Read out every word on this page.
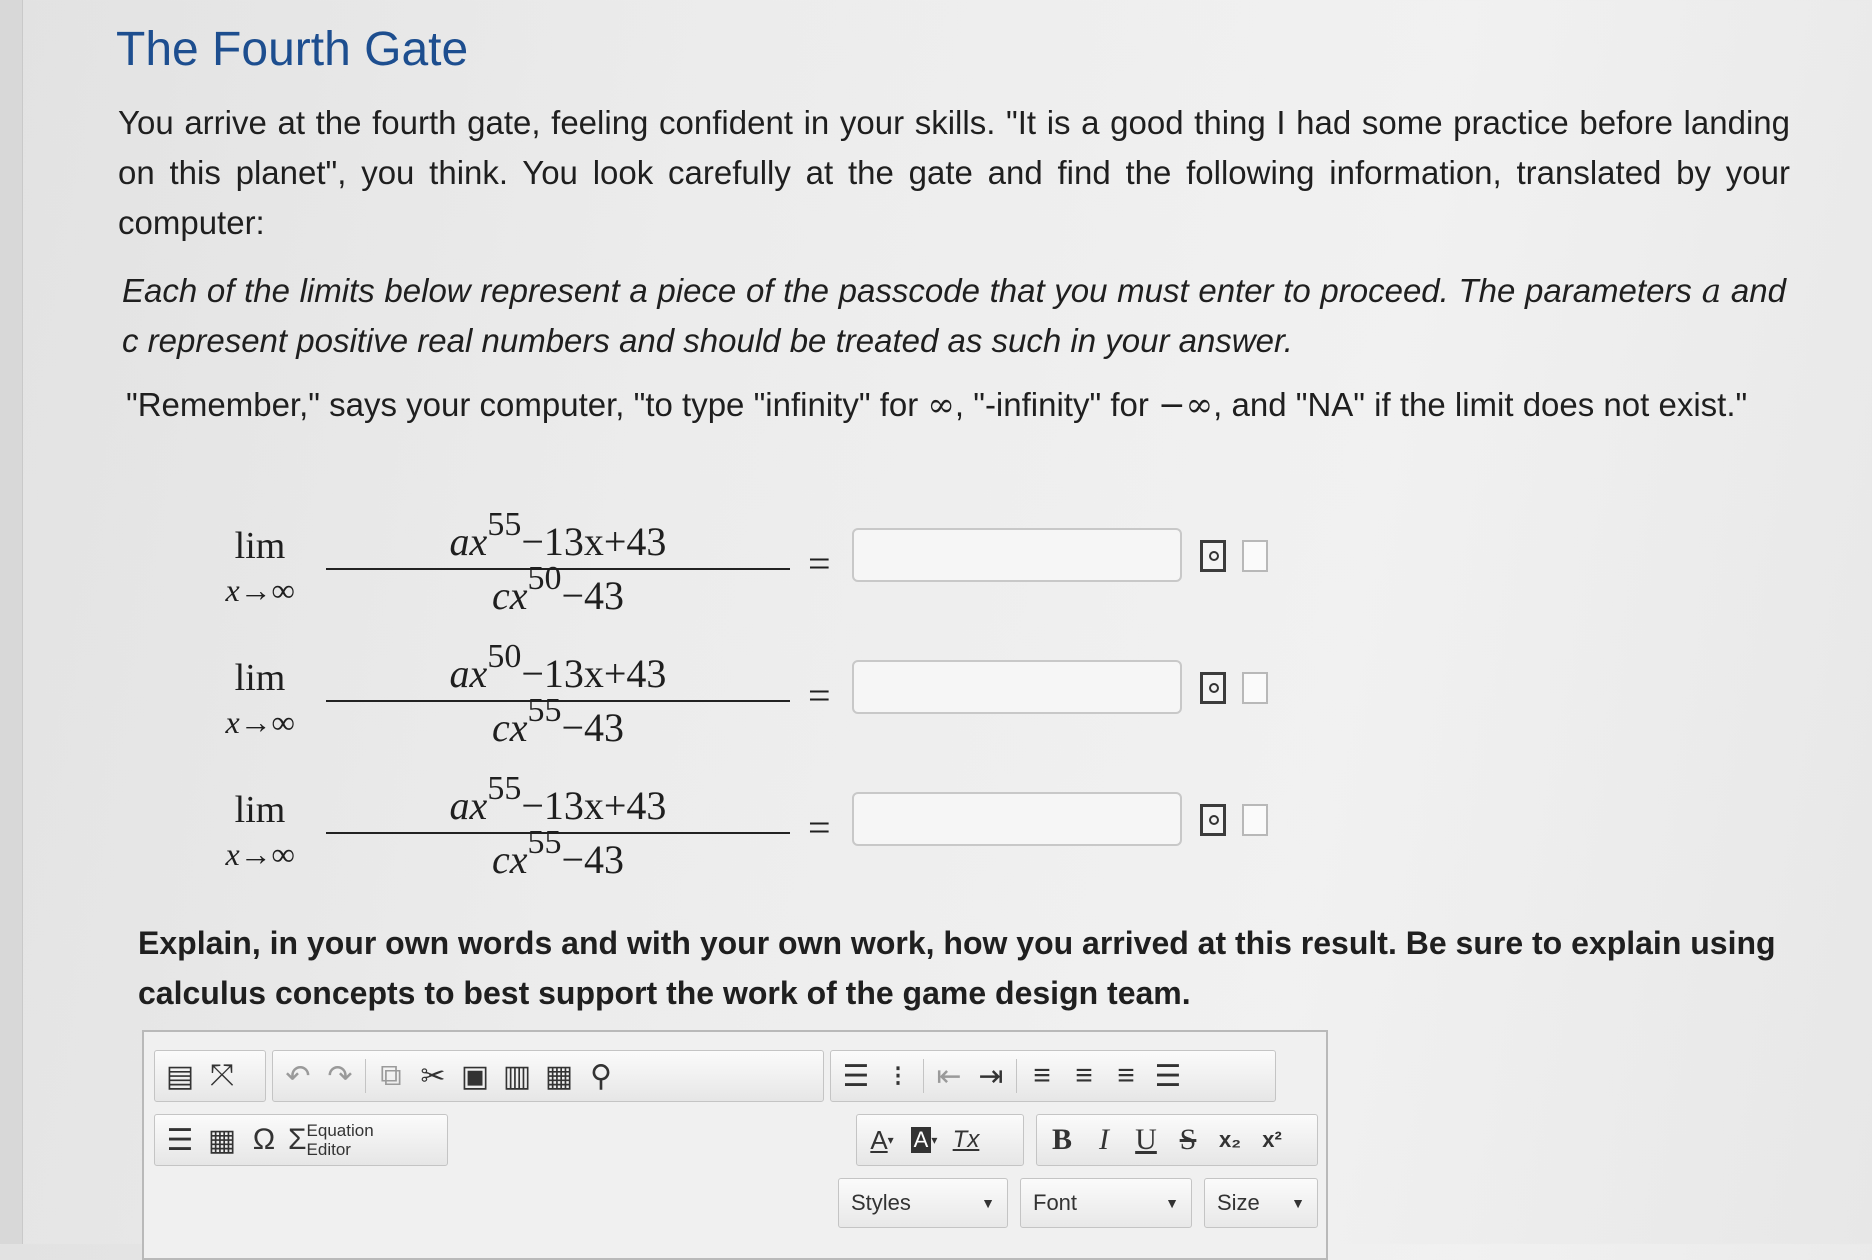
The Fourth Gate

You arrive at the fourth gate, feeling confident in your skills. "It is a good thing I had some practice before landing on this planet", you think. You look carefully at the gate and find the following information, translated by your computer:

Each of the limits below represent a piece of the passcode that you must enter to proceed. The parameters a and c represent positive real numbers and should be treated as such in your answer.

"Remember," says your computer, "to type "infinity" for ∞, "-infinity" for −∞, and "NA" if the limit does not exist."

lim
x→∞
$ax^{55}-13x+43$
$cx^{50}-43$
=
lim
x→∞
$ax^{50}-13x+43$
$cx^{55}-43$
=
lim
x→∞
$ax^{55}-13x+43$
$cx^{55}-43$
=

Explain, in your own words and with your own work, how you arrived at this result. Be sure to explain using calculus concepts to best support the work of the game design team.

▤ ⤧ ↶ ↷ ⧉ ✂ ▣ ▥ ▦ ⚲	☰ ⁝ ⇤ ⇥ ≡ ≡ ≡ ☰
☰ ▦ Ω Σ Equation
Editor	A ▾ A ▾ Tx B I U S x₂ x²
Styles	▼ Font	▼ Size ▼
